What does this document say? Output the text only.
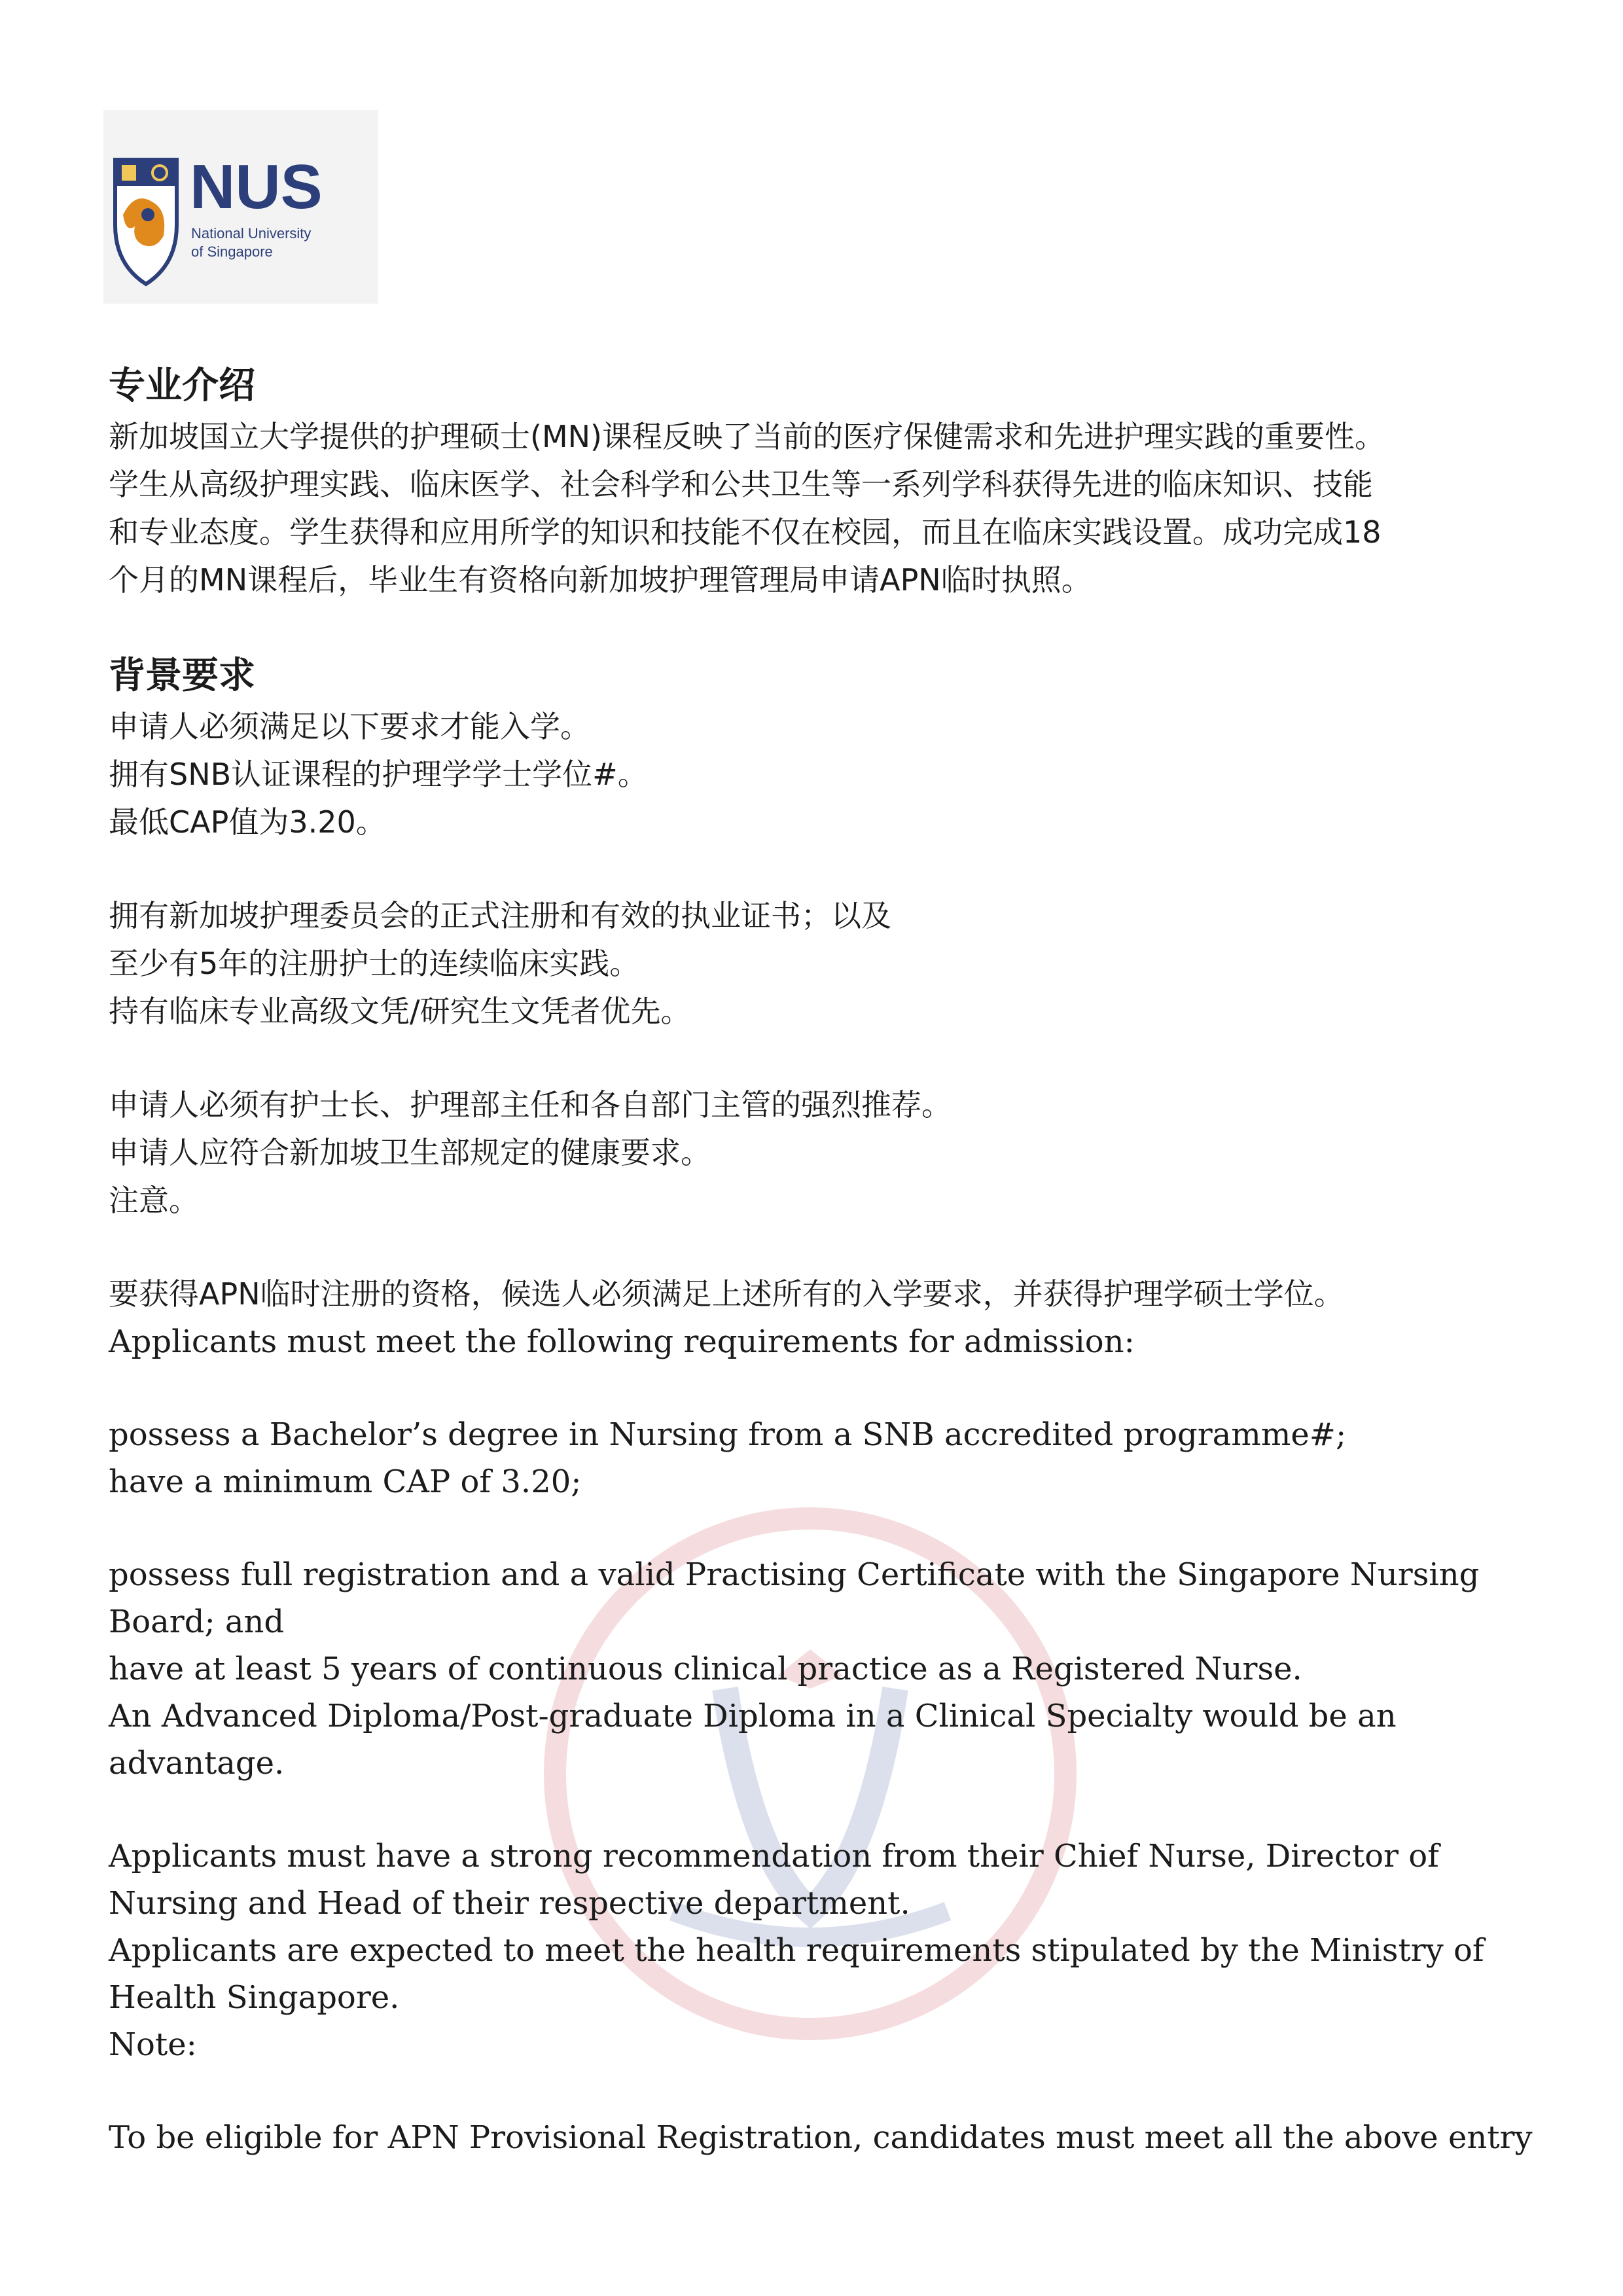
NUS
National University
of Singapore
专业介绍

新加坡国立大学提供的护理硕士(MN)课程反映了当前的医疗保健需求和先进护理实践的重要性。

学生从高级护理实践、临床医学、社会科学和公共卫生等一系列学科获得先进的临床知识、技能

和专业态度。学生获得和应用所学的知识和技能不仅在校园，而且在临床实践设置。成功完成18

个月的MN课程后，毕业生有资格向新加坡护理管理局申请APN临时执照。

背景要求

申请人必须满足以下要求才能入学。

拥有SNB认证课程的护理学学士学位#。

最低CAP值为3.20。

拥有新加坡护理委员会的正式注册和有效的执业证书；以及

至少有5年的注册护士的连续临床实践。

持有临床专业高级文凭/研究生文凭者优先。

申请人必须有护士长、护理部主任和各自部门主管的强烈推荐。

申请人应符合新加坡卫生部规定的健康要求。

注意。

要获得APN临时注册的资格，候选人必须满足上述所有的入学要求，并获得护理学硕士学位。

Applicants must meet the following requirements for admission:

possess a Bachelor’s degree in Nursing from a SNB accredited programme#;

have a minimum CAP of 3.20;

possess full registration and a valid Practising Certificate with the Singapore Nursing

Board; and

have at least 5 years of continuous clinical practice as a Registered Nurse.

An Advanced Diploma/Post-graduate Diploma in a Clinical Specialty would be an

advantage.

Applicants must have a strong recommendation from their Chief Nurse, Director of

Nursing and Head of their respective department.

Applicants are expected to meet the health requirements stipulated by the Ministry of

Health Singapore.

Note:

To be eligible for APN Provisional Registration, candidates must meet all the above entry
